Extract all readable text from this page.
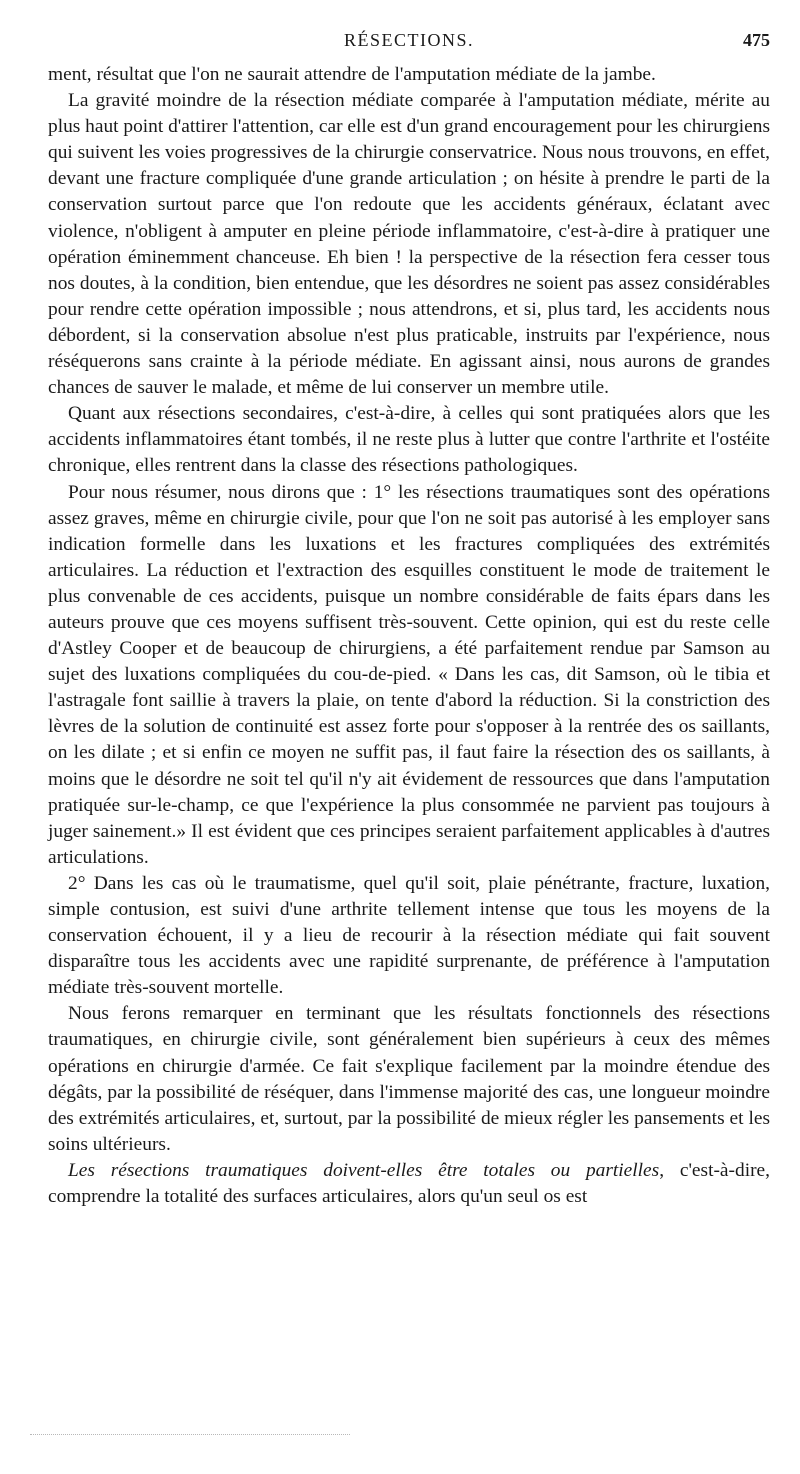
RÉSECTIONS.	475

ment, résultat que l'on ne saurait attendre de l'amputation médiate de la jambe.

La gravité moindre de la résection médiate comparée à l'amputation médiate, mérite au plus haut point d'attirer l'attention, car elle est d'un grand encouragement pour les chirurgiens qui suivent les voies progressives de la chirurgie conservatrice. Nous nous trouvons, en effet, devant une fracture compliquée d'une grande articulation ; on hésite à prendre le parti de la conservation surtout parce que l'on redoute que les accidents généraux, éclatant avec violence, n'obligent à amputer en pleine période inflammatoire, c'est-à-dire à pratiquer une opération éminemment chanceuse. Eh bien ! la perspective de la résection fera cesser tous nos doutes, à la condition, bien entendue, que les désordres ne soient pas assez considérables pour rendre cette opération impossible ; nous attendrons, et si, plus tard, les accidents nous débordent, si la conservation absolue n'est plus praticable, instruits par l'expérience, nous réséquerons sans crainte à la période médiate. En agissant ainsi, nous aurons de grandes chances de sauver le malade, et même de lui conserver un membre utile.

Quant aux résections secondaires, c'est-à-dire, à celles qui sont pratiquées alors que les accidents inflammatoires étant tombés, il ne reste plus à lutter que contre l'arthrite et l'ostéite chronique, elles rentrent dans la classe des résections pathologiques.

Pour nous résumer, nous dirons que : 1° les résections traumatiques sont des opérations assez graves, même en chirurgie civile, pour que l'on ne soit pas autorisé à les employer sans indication formelle dans les luxations et les fractures compliquées des extrémités articulaires. La réduction et l'extraction des esquilles constituent le mode de traitement le plus convenable de ces accidents, puisque un nombre considérable de faits épars dans les auteurs prouve que ces moyens suffisent très-souvent. Cette opinion, qui est du reste celle d'Astley Cooper et de beaucoup de chirurgiens, a été parfaitement rendue par Samson au sujet des luxations compliquées du cou-de-pied. « Dans les cas, dit Samson, où le tibia et l'astragale font saillie à travers la plaie, on tente d'abord la réduction. Si la constriction des lèvres de la solution de continuité est assez forte pour s'opposer à la rentrée des os saillants, on les dilate ; et si enfin ce moyen ne suffit pas, il faut faire la résection des os saillants, à moins que le désordre ne soit tel qu'il n'y ait évidement de ressources que dans l'amputation pratiquée sur-le-champ, ce que l'expérience la plus consommée ne parvient pas toujours à juger sainement.» Il est évident que ces principes seraient parfaitement applicables à d'autres articulations.

2° Dans les cas où le traumatisme, quel qu'il soit, plaie pénétrante, fracture, luxation, simple contusion, est suivi d'une arthrite tellement intense que tous les moyens de la conservation échouent, il y a lieu de recourir à la résection médiate qui fait souvent disparaître tous les accidents avec une rapidité surprenante, de préférence à l'amputation médiate très-souvent mortelle.

Nous ferons remarquer en terminant que les résultats fonctionnels des résections traumatiques, en chirurgie civile, sont généralement bien supérieurs à ceux des mêmes opérations en chirurgie d'armée. Ce fait s'explique facilement par la moindre étendue des dégâts, par la possibilité de réséquer, dans l'immense majorité des cas, une longueur moindre des extrémités articulaires, et, surtout, par la possibilité de mieux régler les pansements et les soins ultérieurs.

Les résections traumatiques doivent-elles être totales ou partielles, c'est-à-dire, comprendre la totalité des surfaces articulaires, alors qu'un seul os est
